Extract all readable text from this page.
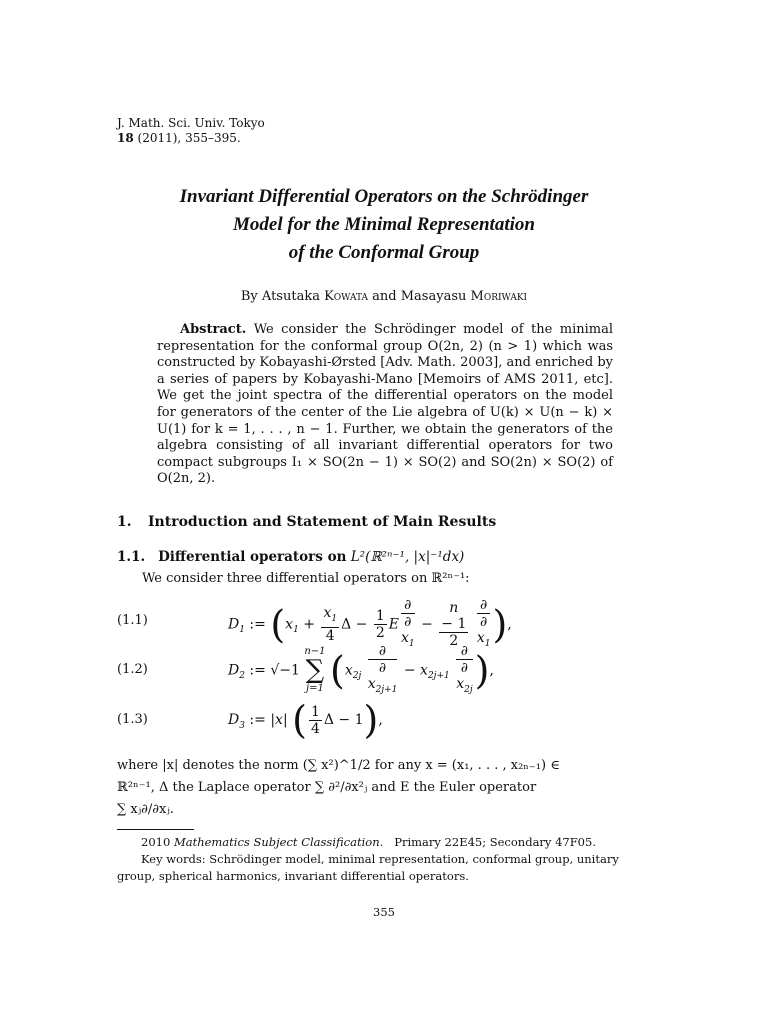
J. Math. Sci. Univ. Tokyo
18 (2011), 355–395.
Invariant Differential Operators on the Schrödinger
Model for the Minimal Representation
of the Conformal Group
By Atsutaka Kowata and Masayasu Moriwaki
Abstract. We consider the Schrödinger model of the minimal representation for the conformal group O(2n, 2) (n > 1) which was constructed by Kobayashi-Ørsted [Adv. Math. 2003], and enriched by a series of papers by Kobayashi-Mano [Memoirs of AMS 2011, etc]. We get the joint spectra of the differential operators on the model for generators of the center of the Lie algebra of U(k) × U(n − k) × U(1) for k = 1, . . . , n − 1. Further, we obtain the generators of the algebra consisting of all invariant differential operators for two compact subgroups I₁ × SO(2n − 1) × SO(2) and SO(2n) × SO(2) of O(2n, 2).
1. Introduction and Statement of Main Results
1.1. Differential operators on L²(ℝ²ⁿ⁻¹, |x|⁻¹dx)
We consider three differential operators on ℝ²ⁿ⁻¹:
(1.1)	$D_1$ := ($x_1 + \frac{x_1}{4}$ $\Delta - \frac{1}{2}$ E ∂
∂
$x_1 - n$
− 1
2
∂
∂
$x_1$ ),
(1.2)	$D_2$ := √−1
n−1
∑
j=1 ($x_{2j}$ ∂
∂
$x_{2j+1} - x_{2j+1}$ ∂
∂
$x_{2j}$ ),
(1.3)	$D_3$ := |x| ( $\frac{1}{4}$ Δ − 1),
where |x| denotes the norm (∑ x²)^1/2 for any x = (x₁, . . . , x₂ₙ₋₁) ∈
ℝ²ⁿ⁻¹, Δ the Laplace operator ∑ ∂²/∂x²ⱼ and E the Euler operator
∑ xⱼ∂/∂xⱼ.

2010 Mathematics Subject Classification. Primary 22E45; Secondary 47F05.

Key words: Schrödinger model, minimal representation, conformal group, unitary

group, spherical harmonics, invariant differential operators.

355
